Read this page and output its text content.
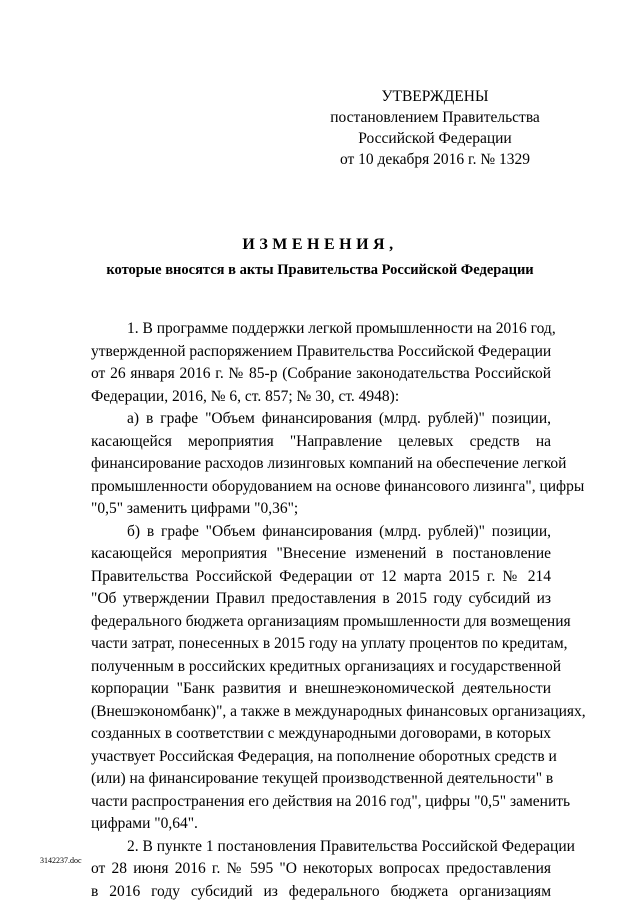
УТВЕРЖДЕНЫ
постановлением Правительства
Российской Федерации
от 10 декабря 2016 г. № 1329
ИЗМЕНЕНИЯ,
которые вносятся в акты Правительства Российской Федерации
1. В программе поддержки легкой промышленности на 2016 год,
утвержденной распоряжением Правительства Российской Федерации
от 26 января 2016 г. № 85-р (Собрание законодательства Российской
Федерации, 2016, № 6, ст. 857; № 30, ст. 4948):
а) в графе "Объем финансирования (млрд. рублей)" позиции,
касающейся мероприятия "Направление целевых средств на
финансирование расходов лизинговых компаний на обеспечение легкой
промышленности оборудованием на основе финансового лизинга", цифры
"0,5" заменить цифрами "0,36";
б) в графе "Объем финансирования (млрд. рублей)" позиции,
касающейся мероприятия "Внесение изменений в постановление
Правительства Российской Федерации от 12 марта 2015 г. № 214
"Об утверждении Правил предоставления в 2015 году субсидий из
федерального бюджета организациям промышленности для возмещения
части затрат, понесенных в 2015 году на уплату процентов по кредитам,
полученным в российских кредитных организациях и государственной
корпорации "Банк развития и внешнеэкономической деятельности
(Внешэкономбанк)", а также в международных финансовых организациях,
созданных в соответствии с международными договорами, в которых
участвует Российская Федерация, на пополнение оборотных средств и
(или) на финансирование текущей производственной деятельности" в
части распространения его действия на 2016 год", цифры "0,5" заменить
цифрами "0,64".
2. В пункте 1 постановления Правительства Российской Федерации
от 28 июня 2016 г. № 595 "О некоторых вопросах предоставления
в 2016 году субсидий из федерального бюджета организациям
3142237.doc
